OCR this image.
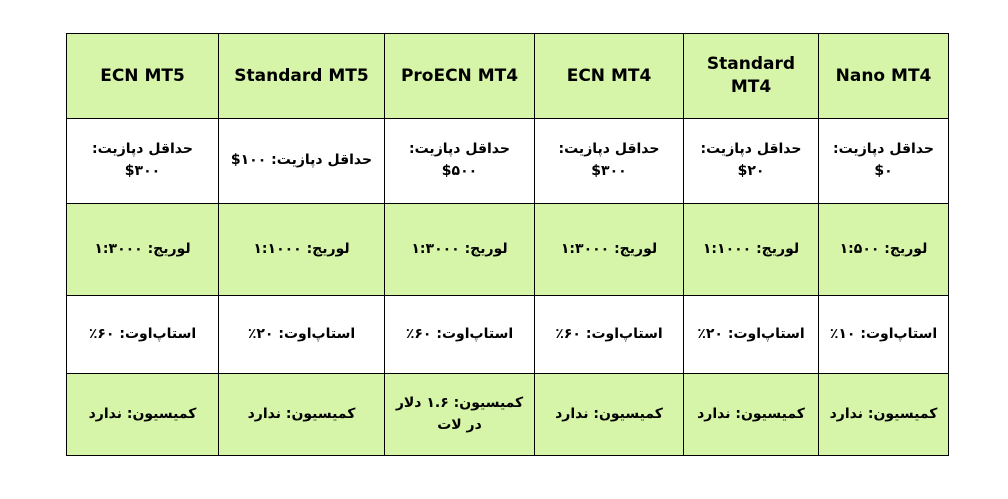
ECN MT5	Standard MT5	ProECN MT4	ECN MT4	Standard MT4	Nano MT4
حداقل دپازیت: ۳۰۰$	حداقل دپازیت: ۱۰۰$	حداقل دپازیت: ۵۰۰$	حداقل دپازیت: ۳۰۰$	حداقل دپازیت: ۲۰$	حداقل دپازیت: ۰$
لوریج: ۱:۳۰۰۰	لوریج: ۱:۱۰۰۰	لوریج: ۱:۳۰۰۰	لوریج: ۱:۳۰۰۰	لوریج: ۱:۱۰۰۰	لوریج: ۱:۵۰۰
استاپ‌اوت: ۶۰٪	استاپ‌اوت: ۲۰٪	استاپ‌اوت: ۶۰٪	استاپ‌اوت: ۶۰٪	استاپ‌اوت: ۲۰٪	استاپ‌اوت: ۱۰٪
کمیسیون: ندارد	کمیسیون: ندارد	کمیسیون: ۱.۶ دلار در لات	کمیسیون: ندارد	کمیسیون: ندارد	کمیسیون: ندارد
